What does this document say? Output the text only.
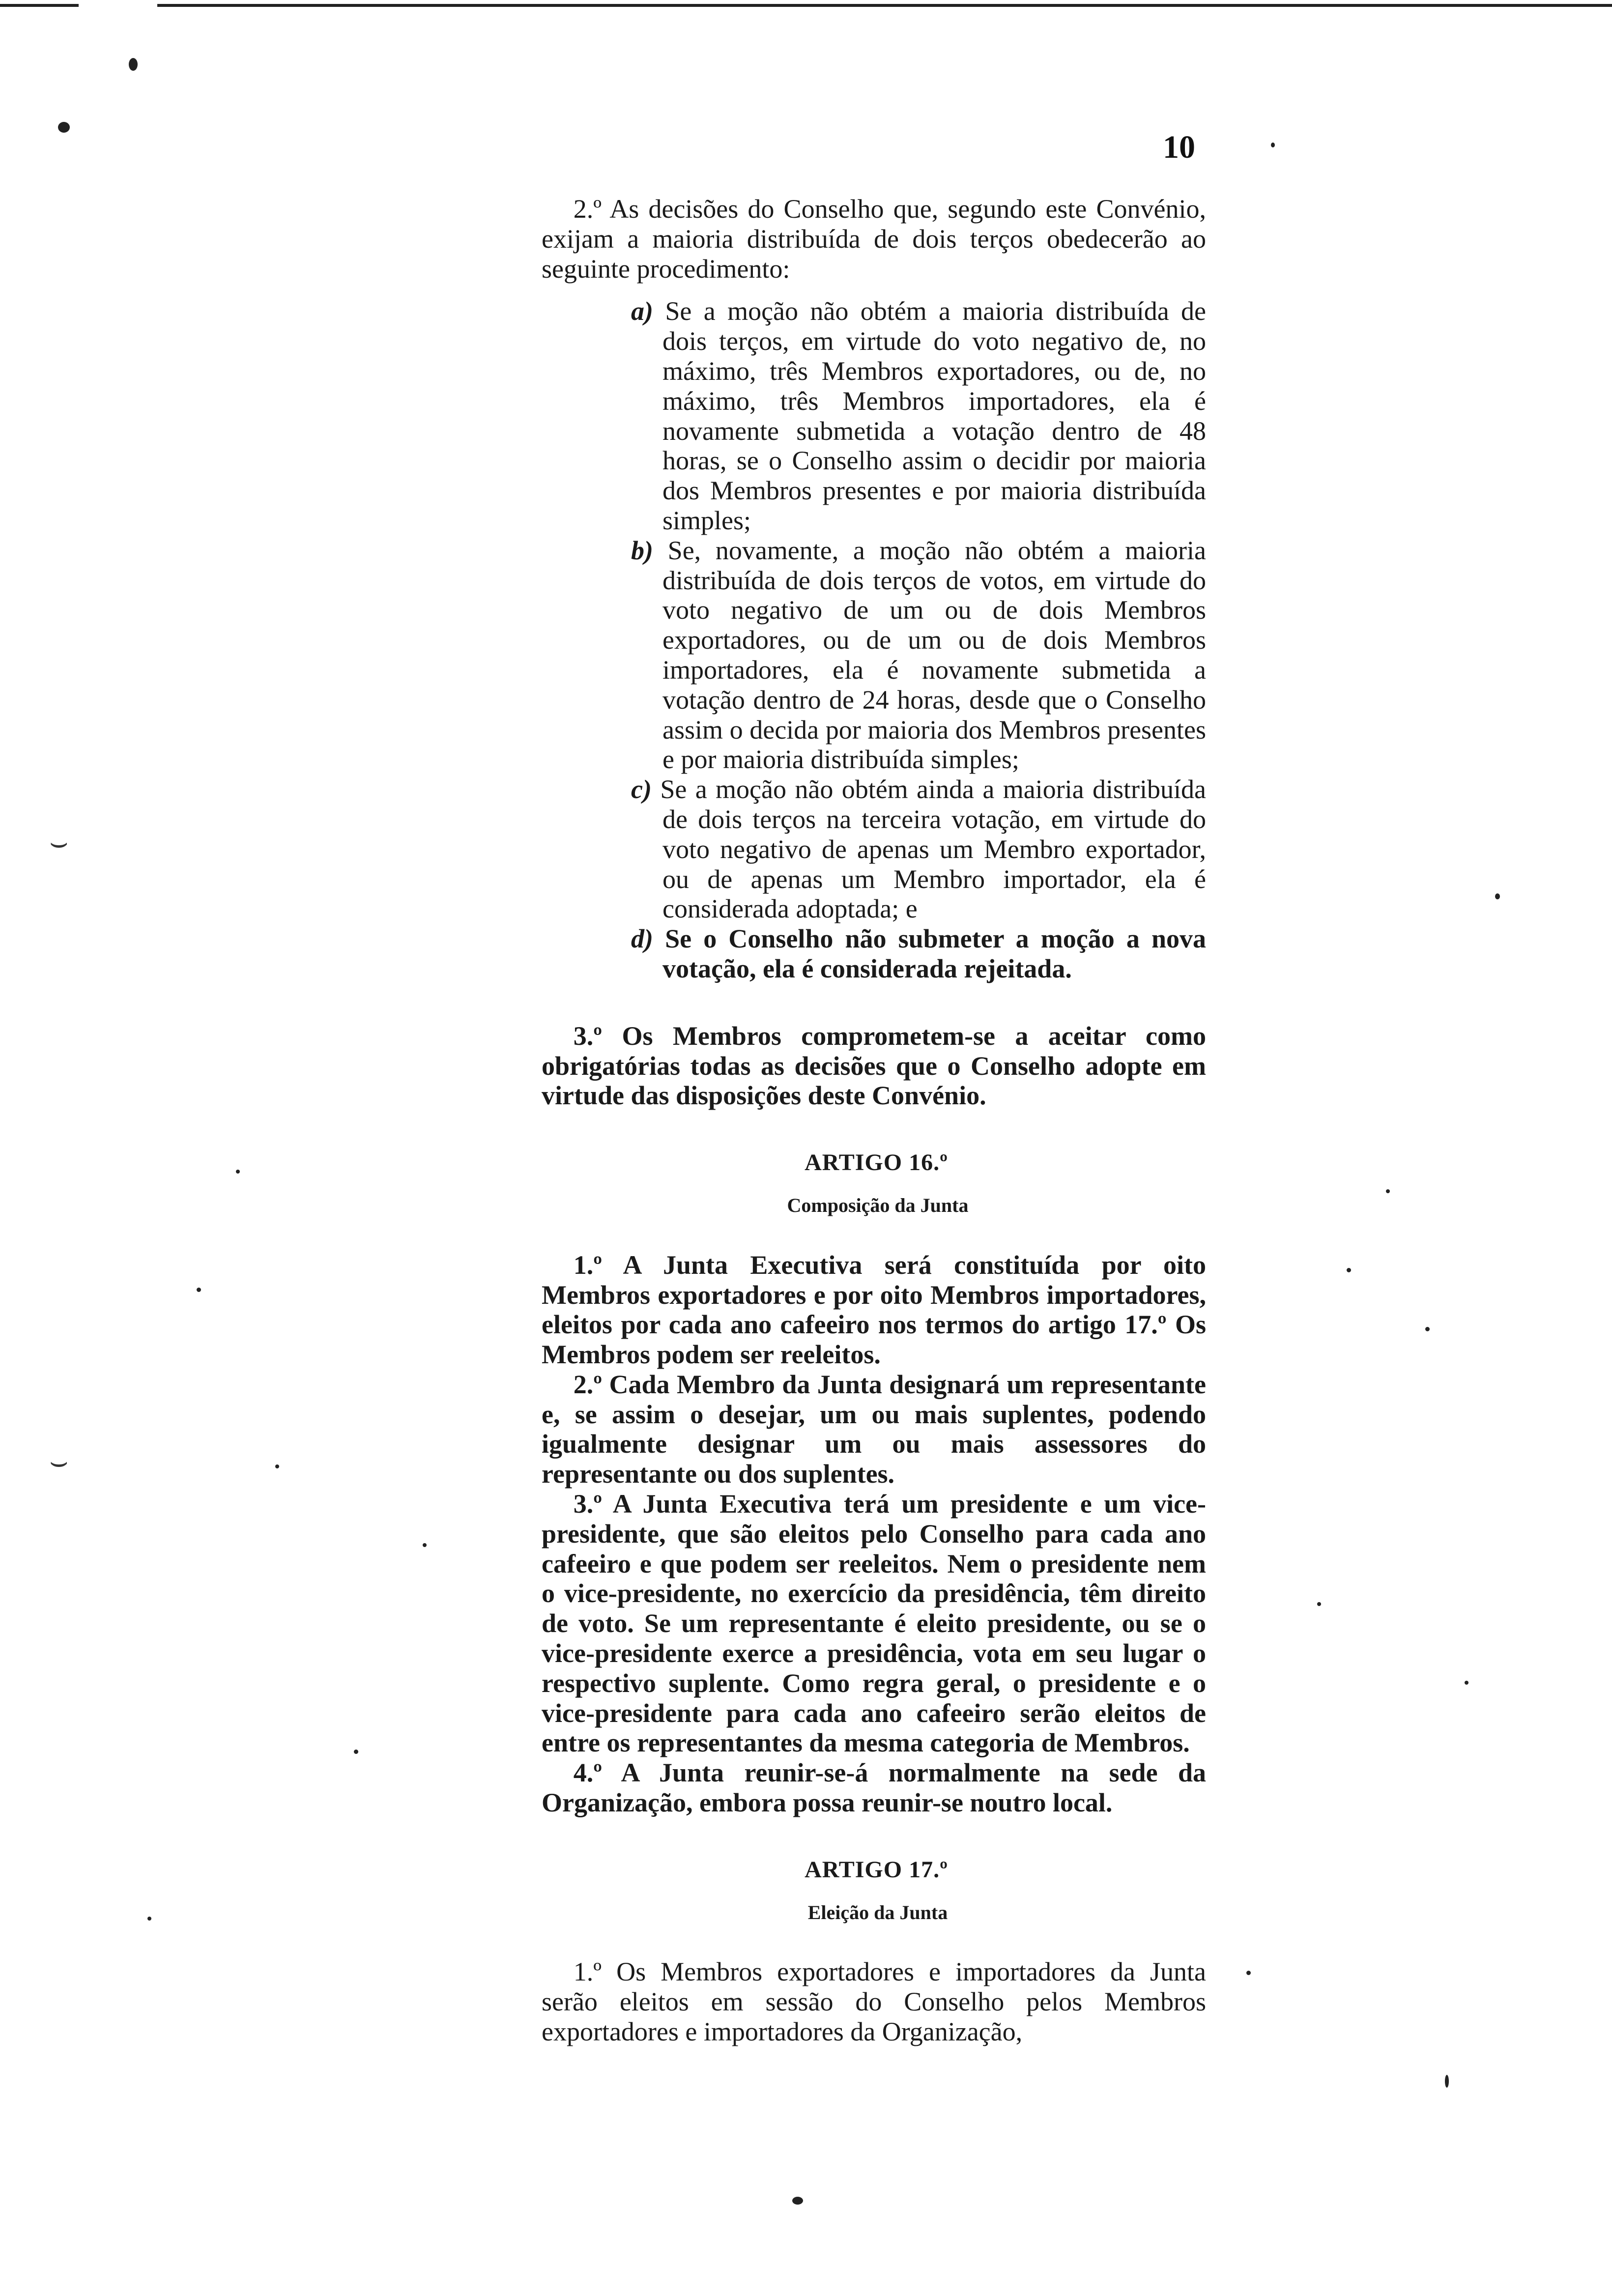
10

2.º As decisões do Conselho que, segundo este Convénio, exijam a maioria distribuída de dois terços obedecerão ao seguinte procedimento:

a) Se a moção não obtém a maioria distribuída de dois terços, em virtude do voto negativo de, no máximo, três Membros exportadores, ou de, no máximo, três Membros importadores, ela é novamente submetida a votação dentro de 48 horas, se o Conselho assim o decidir por maioria dos Membros presentes e por maioria distribuída simples;

b) Se, novamente, a moção não obtém a maioria distribuída de dois terços de votos, em virtude do voto negativo de um ou de dois Membros exportadores, ou de um ou de dois Membros importadores, ela é novamente submetida a votação dentro de 24 horas, desde que o Conselho assim o decida por maioria dos Membros presentes e por maioria distribuída simples;

c) Se a moção não obtém ainda a maioria distribuída de dois terços na terceira votação, em virtude do voto negativo de apenas um Membro exportador, ou de apenas um Membro importador, ela é considerada adoptada; e

d) Se o Conselho não submeter a moção a nova votação, ela é considerada rejeitada.

3.º Os Membros comprometem-se a aceitar como obrigatórias todas as decisões que o Conselho adopte em virtude das disposições deste Convénio.

ARTIGO 16.º

Composição da Junta

1.º A Junta Executiva será constituída por oito Membros exportadores e por oito Membros importadores, eleitos por cada ano cafeeiro nos termos do artigo 17.º Os Membros podem ser reeleitos.

2.º Cada Membro da Junta designará um representante e, se assim o desejar, um ou mais suplentes, podendo igualmente designar um ou mais assessores do representante ou dos suplentes.

3.º A Junta Executiva terá um presidente e um vice-presidente, que são eleitos pelo Conselho para cada ano cafeeiro e que podem ser reeleitos. Nem o presidente nem o vice-presidente, no exercício da presidência, têm direito de voto. Se um representante é eleito presidente, ou se o vice-presidente exerce a presidência, vota em seu lugar o respectivo suplente. Como regra geral, o presidente e o vice-presidente para cada ano cafeeiro serão eleitos de entre os representantes da mesma categoria de Membros.

4.º A Junta reunir-se-á normalmente na sede da Organização, embora possa reunir-se noutro local.

ARTIGO 17.º

Eleição da Junta

1.º Os Membros exportadores e importadores da Junta serão eleitos em sessão do Conselho pelos Membros exportadores e importadores da Organização,

⌣
⌣
